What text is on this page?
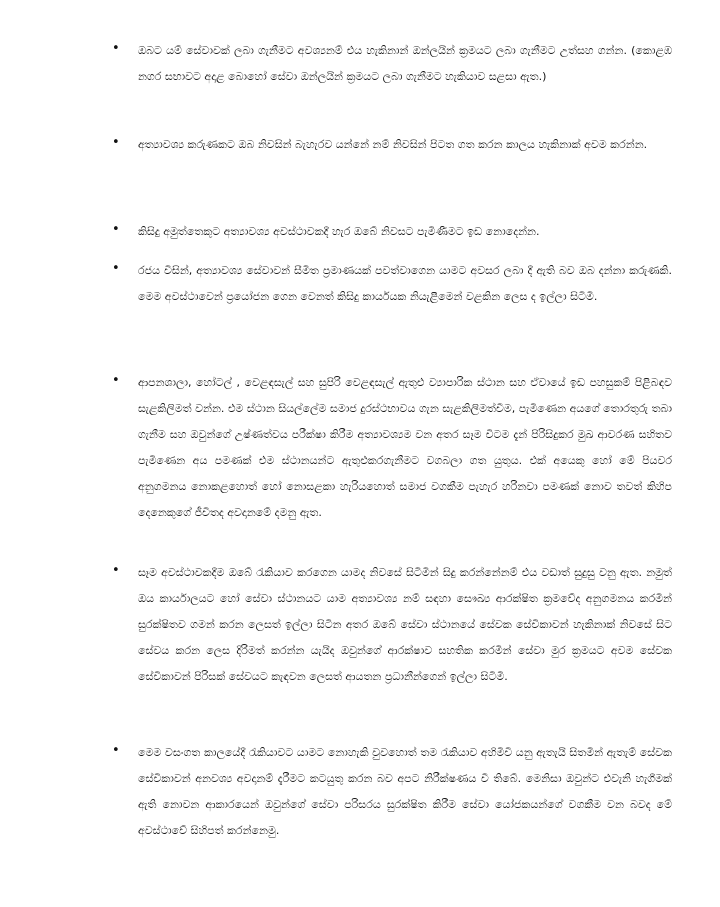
• ඔබට යම් සේවාවක් ලබා ගැනීමට අවශ්‍යනම් එය හැකිනාන් ඔන්ලයින් ක්‍රමයට ලබා ගැනීමට උත්සහ ගන්න. (කොළඹ නගර සභාවට අදාළ බොහෝ සේවා ඔන්ලයින් ක්‍රමයට ලබා ගැනීමට හැකියාව සළසා ඇත.)
• අත්‍යාවශ්‍ය කරුණකට ඔබ නිවසින් බැහැරව යන්නේ නම් නිවසින් පිටත ගත කරන කාලය හැකිනාක් අවම කරන්න.
• කිසිදු අමුත්තෙකුට අත්‍යාවශ්‍ය අවස්ථාවකදී හැර ඔබේ නිවසට පැමිණීමට ඉඩ නොදෙන්න.
• රජය විසින්, අත්‍යාවශ්‍ය සේවාවන් සීමිත ප්‍රමාණයක් පවත්වාගෙන යාමට අවසර ලබා දී ඇති බව ඔබ දන්නා කරුණකි. මෙම අවස්ථාවෙන් ප්‍රයෝජන ගෙන වෙනත් කිසිදු කාර්යයක නියැළීමෙන් වළකින ලෙස ද ඉල්ලා සිටිමි.
• ආපනශාලා, හෝටල් , වෙළඳසැල් සහ සුපිරි වෙළඳසැල් ඇතුළු ව්‍යාපාරික ස්ථාන සහ ඒවායේ ඉඩ පහසුකම් පිළිබඳව සැළකිලිමත් වන්න. එම ස්ථාන සියල්ලේම සමාජ දුරස්ථභාවය ගැන සැළකිලිමත්වීම, පැමිණෙන අයගේ තොරතුරු තබා ගැනීම සහ ඔවුන්ගේ උෂ්ණත්වය පරීක්ෂා කිරීම අත්‍යාවශ්‍යම වන අතර සෑම විටම දැන් පිරිසිදුකර මුඛ ආවරණ සහිතව පැමිණෙන අය පමණක් එම ස්ථානයන්ට ඇතුළුකරගැනීමට වගබලා ගත යුතුය. එක් අයෙකු හෝ මේ පියවර අනුගමනය නොකළහොත් හෝ නොසළකා හැරියහොත් සමාජ වගකීම පැහැර හරිනවා පමණක් නොව තවත් කිහිප දෙනෙකුගේ ජීවිතද අවදානමේ දමනු ඇත.
• සෑම අවස්ථාවකදීම ඔබේ රැකියාව කරගෙන යාමද නිවසේ සිටිමින් සිදු කරන්නේනම් එය වඩාත් සුදුසු වනු ඇත. නමුත් ඔය කාර්යාලයට හෝ සේවා ස්ථානයට යාම අත්‍යාවශ්‍ය නම් සඳහා සෞඛ්‍ය ආරක්ෂිත ක්‍රමවේද අනුගමනය කරමින් සුරක්ෂිතව ගමන් කරන ලෙසත් ඉල්ලා සිටින අතර ඔබේ සේවා ස්ථානයේ සේවක සේවිකාවන් හැකිනාක් නිවසේ සිට සේවය කරන ලෙස දිරිමත් කරන්න යැයිද ඔවුන්ගේ ආරක්ෂාව සහතික කරමින් සේවා මුර ක්‍රමයට අවම සේවක සේවිකාවන් පිරිසක් සේවයට කැඳවන ලෙසත් ආයතන ප්‍රධානීන්ගෙන් ඉල්ලා සිටිමි.
• මෙම වසංගත කාලයේදී රැකියාවට යාමට නොහැකි වුවහොත් තම රැකියාව අහිමිවී යනු ඇතැයි සිතමින් ඇතැම් සේවක සේවිකාවන් අනවශ්‍ය අවදානම් දැරීමට කටයුතු කරන බව අපට නිරීක්ෂණය වී තිබේ. මෙනිසා ඔවුන්ට එවැනි හැගීමක් ඇති නොවන ආකාරයෙන් ඔවුන්ගේ සේවා පරිසරය සුරක්ෂිත කිරීම සේවා යෝජකයන්ගේ වගකීම වන බවද මේ අවස්ථාවේ සිහිපත් කරන්නෙමු.
